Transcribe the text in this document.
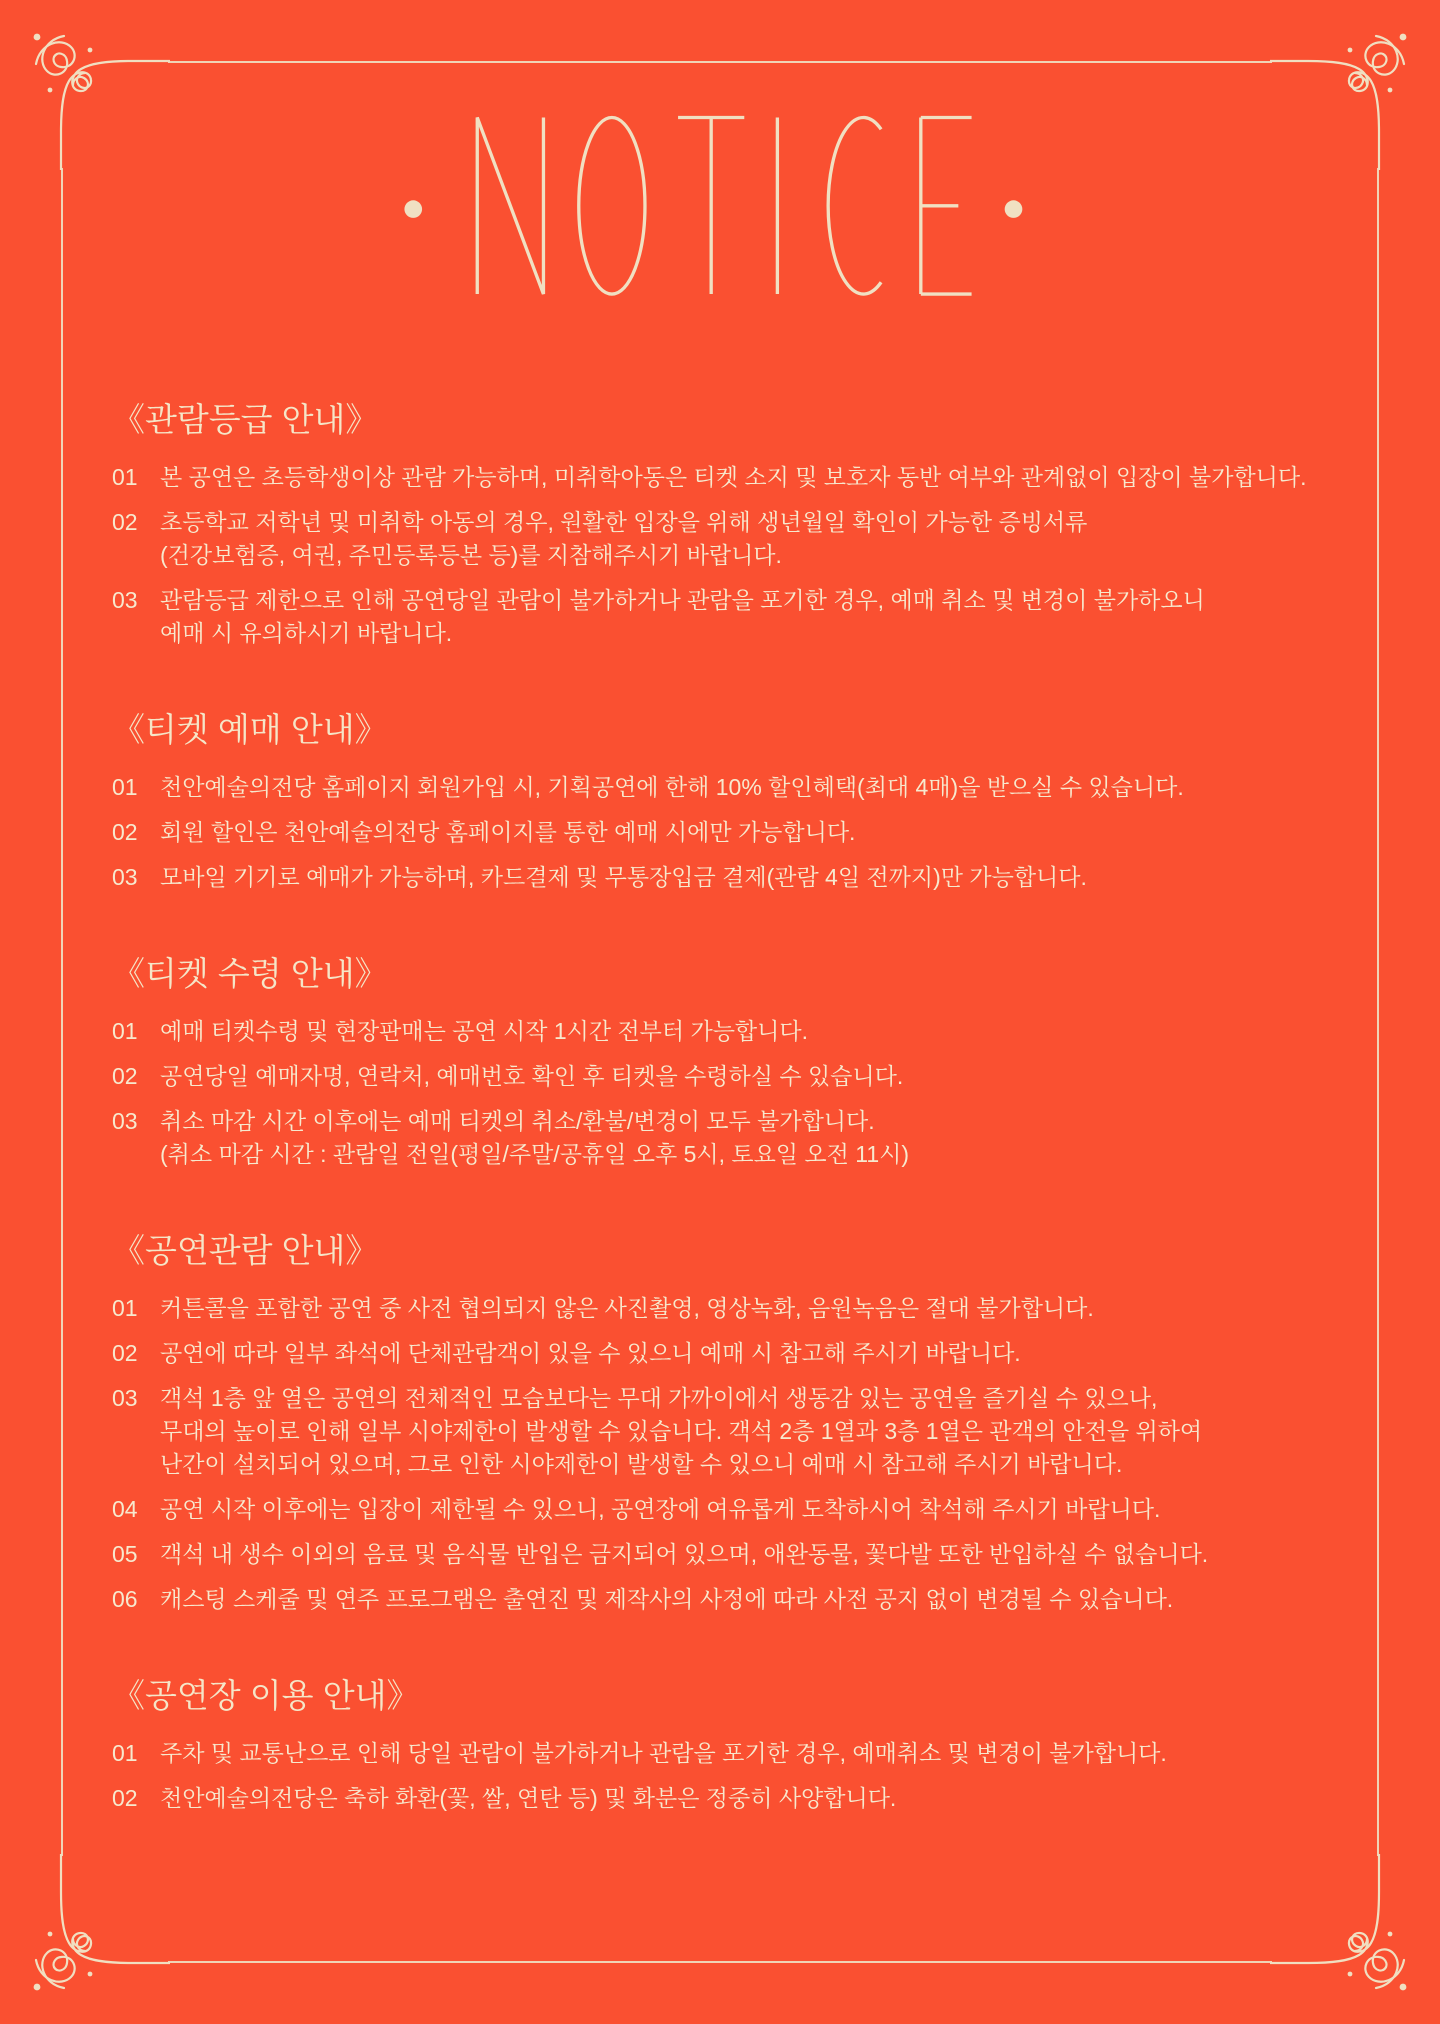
《관람등급 안내》
01 본 공연은 초등학생이상 관람 가능하며, 미취학아동은 티켓 소지 및 보호자 동반 여부와 관계없이 입장이 불가합니다.
02 초등학교 저학년 및 미취학 아동의 경우, 원활한 입장을 위해 생년월일 확인이 가능한 증빙서류
(건강보험증, 여권, 주민등록등본 등)를 지참해주시기 바랍니다.
03 관람등급 제한으로 인해 공연당일 관람이 불가하거나 관람을 포기한 경우, 예매 취소 및 변경이 불가하오니
예매 시 유의하시기 바랍니다.
《티켓 예매 안내》
01 천안예술의전당 홈페이지 회원가입 시, 기획공연에 한해 10% 할인혜택(최대 4매)을 받으실 수 있습니다.
02 회원 할인은 천안예술의전당 홈페이지를 통한 예매 시에만 가능합니다.
03 모바일 기기로 예매가 가능하며, 카드결제 및 무통장입금 결제(관람 4일 전까지)만 가능합니다.
《티켓 수령 안내》
01 예매 티켓수령 및 현장판매는 공연 시작 1시간 전부터 가능합니다.
02 공연당일 예매자명, 연락처, 예매번호 확인 후 티켓을 수령하실 수 있습니다.
03 취소 마감 시간 이후에는 예매 티켓의 취소/환불/변경이 모두 불가합니다.
(취소 마감 시간 : 관람일 전일(평일/주말/공휴일 오후 5시, 토요일 오전 11시)
《공연관람 안내》
01 커튼콜을 포함한 공연 중 사전 협의되지 않은 사진촬영, 영상녹화, 음원녹음은 절대 불가합니다.
02 공연에 따라 일부 좌석에 단체관람객이 있을 수 있으니 예매 시 참고해 주시기 바랍니다.
03 객석 1층 앞 열은 공연의 전체적인 모습보다는 무대 가까이에서 생동감 있는 공연을 즐기실 수 있으나,
무대의 높이로 인해 일부 시야제한이 발생할 수 있습니다. 객석 2층 1열과 3층 1열은 관객의 안전을 위하여
난간이 설치되어 있으며, 그로 인한 시야제한이 발생할 수 있으니 예매 시 참고해 주시기 바랍니다.
04 공연 시작 이후에는 입장이 제한될 수 있으니, 공연장에 여유롭게 도착하시어 착석해 주시기 바랍니다.
05 객석 내 생수 이외의 음료 및 음식물 반입은 금지되어 있으며, 애완동물, 꽃다발 또한 반입하실 수 없습니다.
06 캐스팅 스케줄 및 연주 프로그램은 출연진 및 제작사의 사정에 따라 사전 공지 없이 변경될 수 있습니다.
《공연장 이용 안내》
01 주차 및 교통난으로 인해 당일 관람이 불가하거나 관람을 포기한 경우, 예매취소 및 변경이 불가합니다.
02 천안예술의전당은 축하 화환(꽃, 쌀, 연탄 등) 및 화분은 정중히 사양합니다.
